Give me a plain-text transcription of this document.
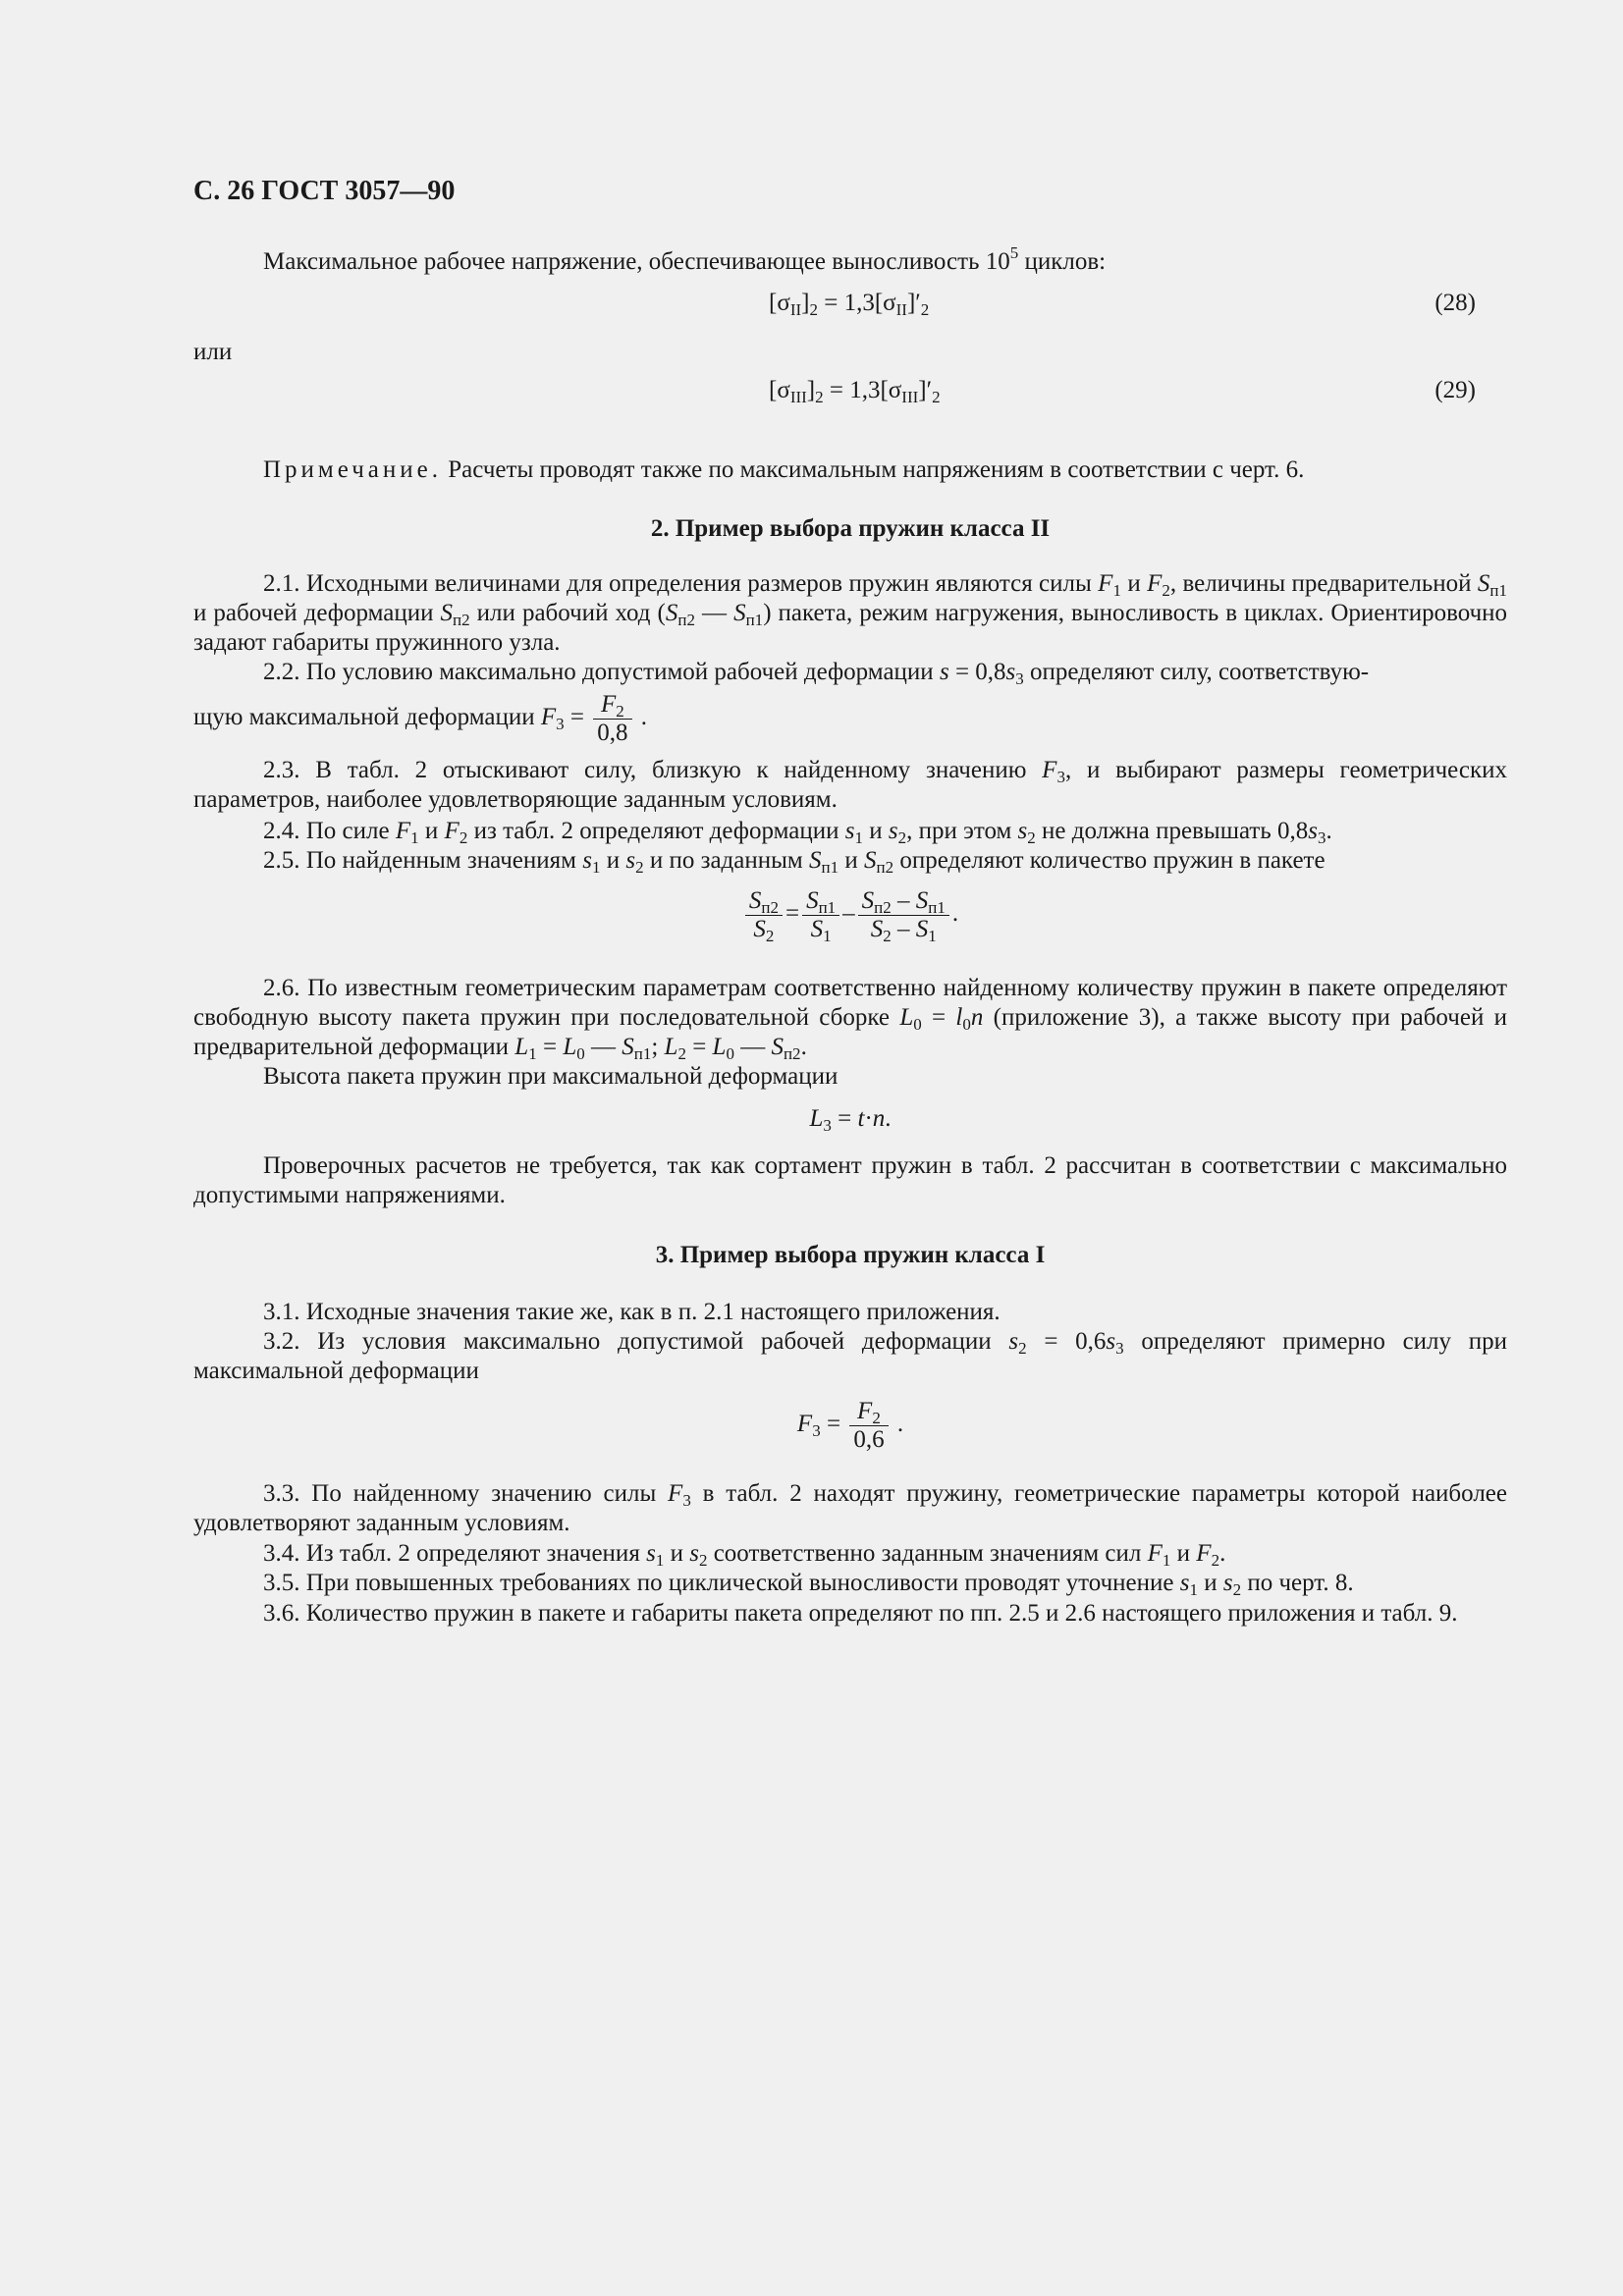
С. 26 ГОСТ 3057—90
Максимальное рабочее напряжение, обеспечивающее выносливость $10^5$ циклов:
$[\sigma_{II}]_2 = 1,3[\sigma_{II}]'_2$	(28)
или
$[\sigma_{III}]_2 = 1,3[\sigma_{III}]'_2$	(29)
Примечание. Расчеты проводят также по максимальным напряжениям в соответствии с черт. 6.
2. Пример выбора пружин класса II
2.1. Исходными величинами для определения размеров пружин являются силы $F_1$ и $F_2$, величины предварительной $S_{п1}$ и рабочей деформации $S_{п2}$ или рабочий ход ($S_{п2}$ — $S_{п1}$) пакета, режим нагружения, выносливость в циклах. Ориентировочно задают габариты пружинного узла.
2.2. По условию максимально допустимой рабочей деформации $s = 0,8s_3$ определяют силу, соответствую-
щую максимальной деформации $F_3 = \frac{F_2}{0,8}$ .
2.3. В табл. 2 отыскивают силу, близкую к найденному значению $F_3$, и выбирают размеры геометрических параметров, наиболее удовлетворяющие заданным условиям.
2.4. По силе $F_1$ и $F_2$ из табл. 2 определяют деформации $s_1$ и $s_2$, при этом $s_2$ не должна превышать $0,8s_3$.
2.5. По найденным значениям $s_1$ и $s_2$ и по заданным $S_{п1}$ и $S_{п2}$ определяют количество пружин в пакете
$\frac{S_{п2}}{S_2} = \frac{S_{п1}}{S_1} - \frac{S_{п2} - S_{п1}}{S_2 - S_1}$ .
2.6. По известным геометрическим параметрам соответственно найденному количеству пружин в пакете определяют свободную высоту пакета пружин при последовательной сборке $L_0 = l_0n$ (приложение 3), а также высоту при рабочей и предварительной деформации $L_1 = L_0$ — $S_{п1}$; $L_2 = L_0$ — $S_{п2}$.
Высота пакета пружин при максимальной деформации
$L_3 = t\cdot n$.
Проверочных расчетов не требуется, так как сортамент пружин в табл. 2 рассчитан в соответствии с максимально допустимыми напряжениями.
3. Пример выбора пружин класса I
3.1. Исходные значения такие же, как в п. 2.1 настоящего приложения.
3.2. Из условия максимально допустимой рабочей деформации $s_2 = 0,6s_3$ определяют примерно силу при максимальной деформации
$F_3 = \frac{F_2}{0,6}$ .
3.3. По найденному значению силы $F_3$ в табл. 2 находят пружину, геометрические параметры которой наиболее удовлетворяют заданным условиям.
3.4. Из табл. 2 определяют значения $s_1$ и $s_2$ соответственно заданным значениям сил $F_1$ и $F_2$.
3.5. При повышенных требованиях по циклической выносливости проводят уточнение $s_1$ и $s_2$ по черт. 8.
3.6. Количество пружин в пакете и габариты пакета определяют по пп. 2.5 и 2.6 настоящего приложения и табл. 9.
